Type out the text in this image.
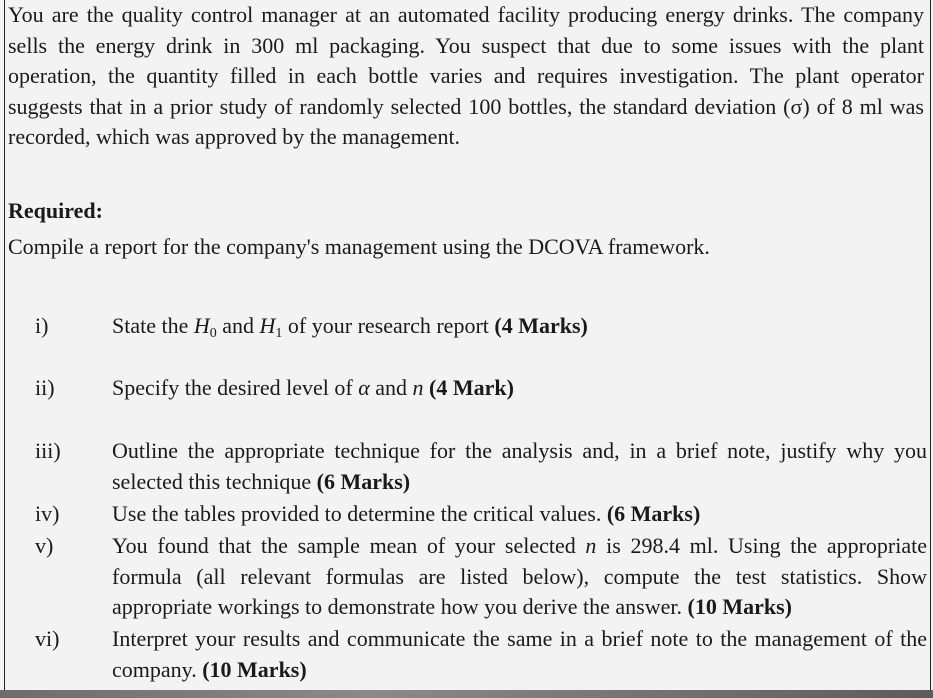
You are the quality control manager at an automated facility producing energy drinks. The company sells the energy drink in 300 ml packaging. You suspect that due to some issues with the plant operation, the quantity filled in each bottle varies and requires investigation. The plant operator suggests that in a prior study of randomly selected 100 bottles, the standard deviation (σ) of 8 ml was recorded, which was approved by the management.

Required:

Compile a report for the company's management using the DCOVA framework.

i)	State the $H_0$ and $H_1$ of your research report (4 Marks)
ii)	Specify the desired level of α and n (4 Mark)
iii) Outline the appropriate technique for the analysis and, in a brief note, justify why you selected this technique (6 Marks)
iv) Use the tables provided to determine the critical values. (6 Marks)
v)	You found that the sample mean of your selected n is 298.4 ml. Using the appropriate formula (all relevant formulas are listed below), compute the test statistics. Show appropriate workings to demonstrate how you derive the answer. (10 Marks)
vi) Interpret your results and communicate the same in a brief note to the management of the company. (10 Marks)
